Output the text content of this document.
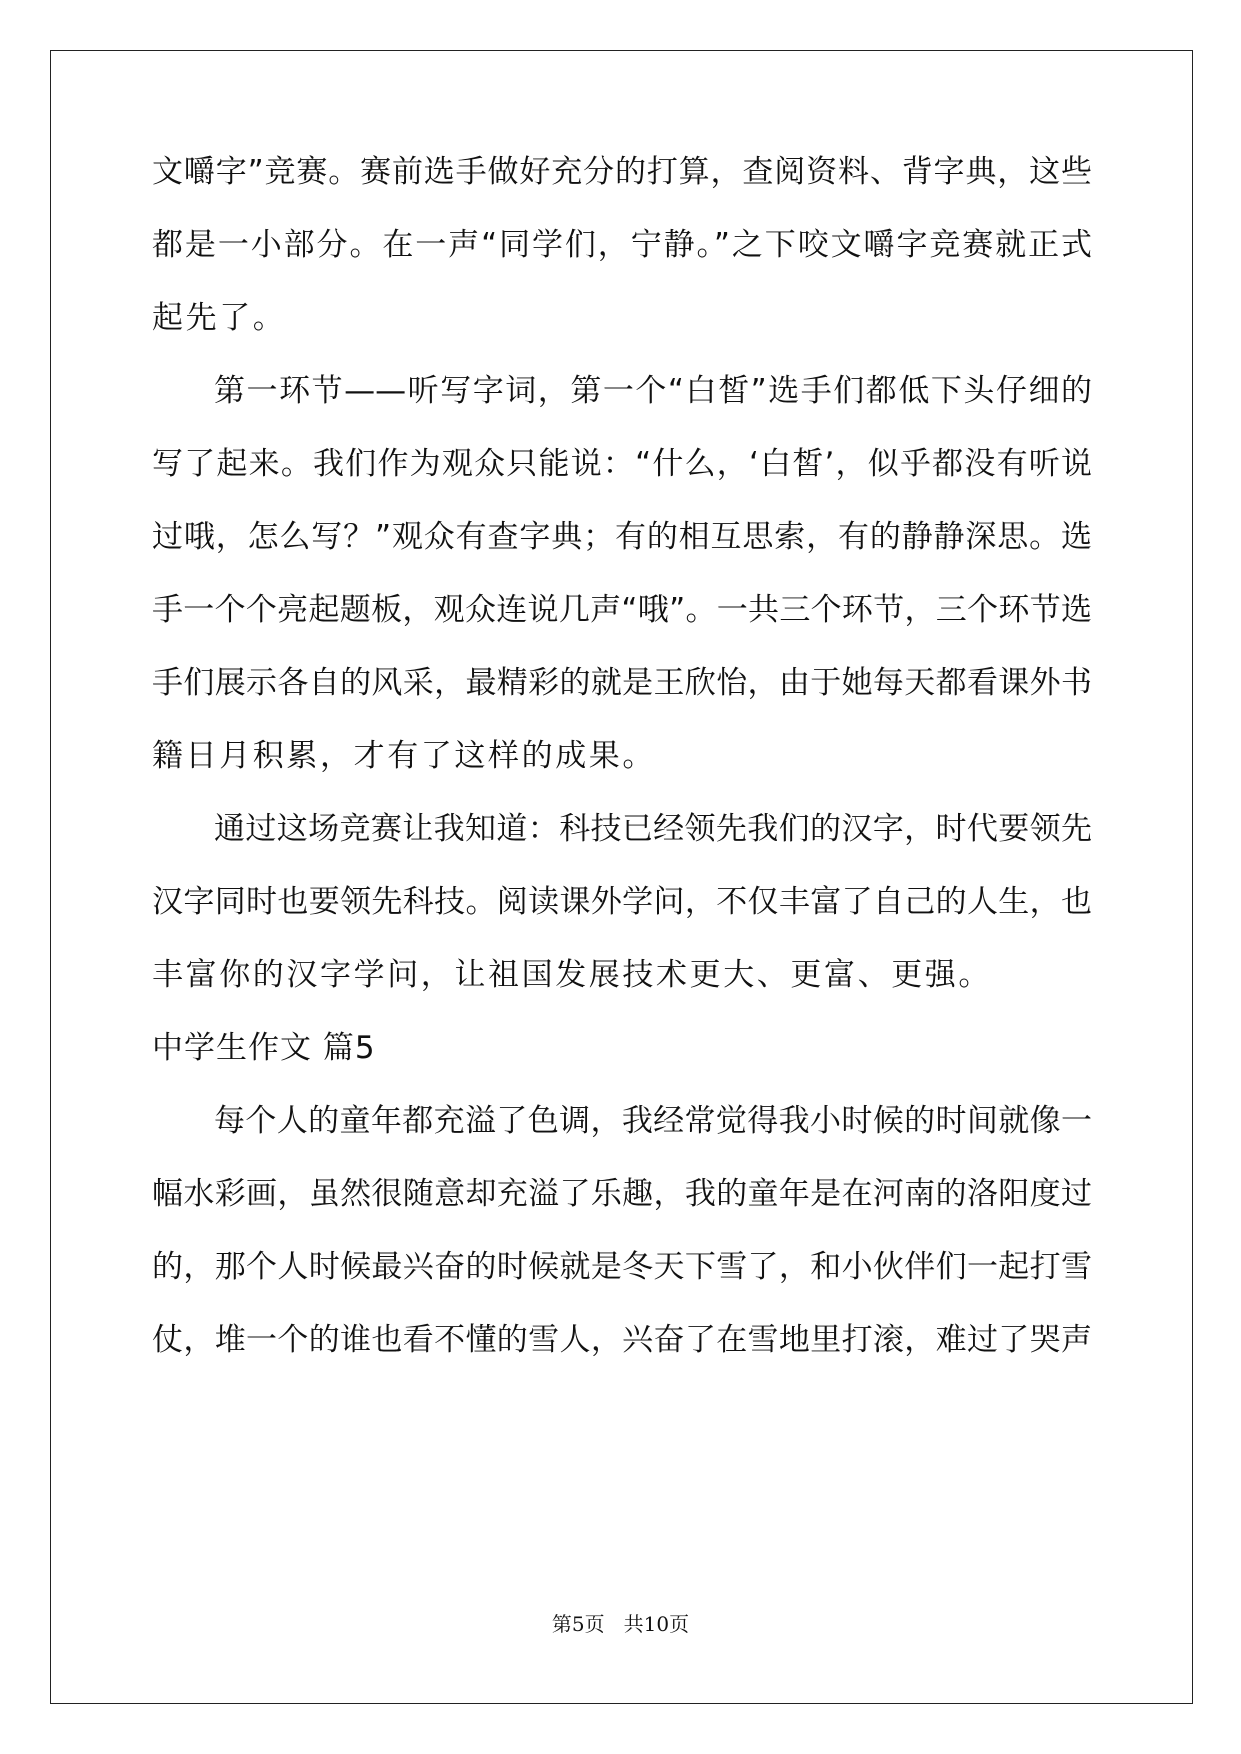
文嚼字”竞赛。赛前选手做好充分的打算，查阅资料、背字典，这些
都是一小部分。在一声“同学们，宁静。”之下咬文嚼字竞赛就正式
起先了。
第一环节——听写字词，第一个“白皙”选手们都低下头仔细的
写了起来。我们作为观众只能说：“什么，‘白皙’，似乎都没有听说
过哦，怎么写？”观众有查字典；有的相互思索，有的静静深思。选
手一个个亮起题板，观众连说几声“哦”。一共三个环节，三个环节选
手们展示各自的风采，最精彩的就是王欣怡，由于她每天都看课外书
籍日月积累，才有了这样的成果。
通过这场竞赛让我知道：科技已经领先我们的汉字，时代要领先
汉字同时也要领先科技。阅读课外学问，不仅丰富了自己的人生，也
丰富你的汉字学问，让祖国发展技术更大、更富、更强。
中学生作文 篇5
每个人的童年都充溢了色调，我经常觉得我小时候的时间就像一
幅水彩画，虽然很随意却充溢了乐趣，我的童年是在河南的洛阳度过
的，那个人时候最兴奋的时候就是冬天下雪了，和小伙伴们一起打雪
仗，堆一个的谁也看不懂的雪人，兴奋了在雪地里打滚，难过了哭声
第5页 共10页
